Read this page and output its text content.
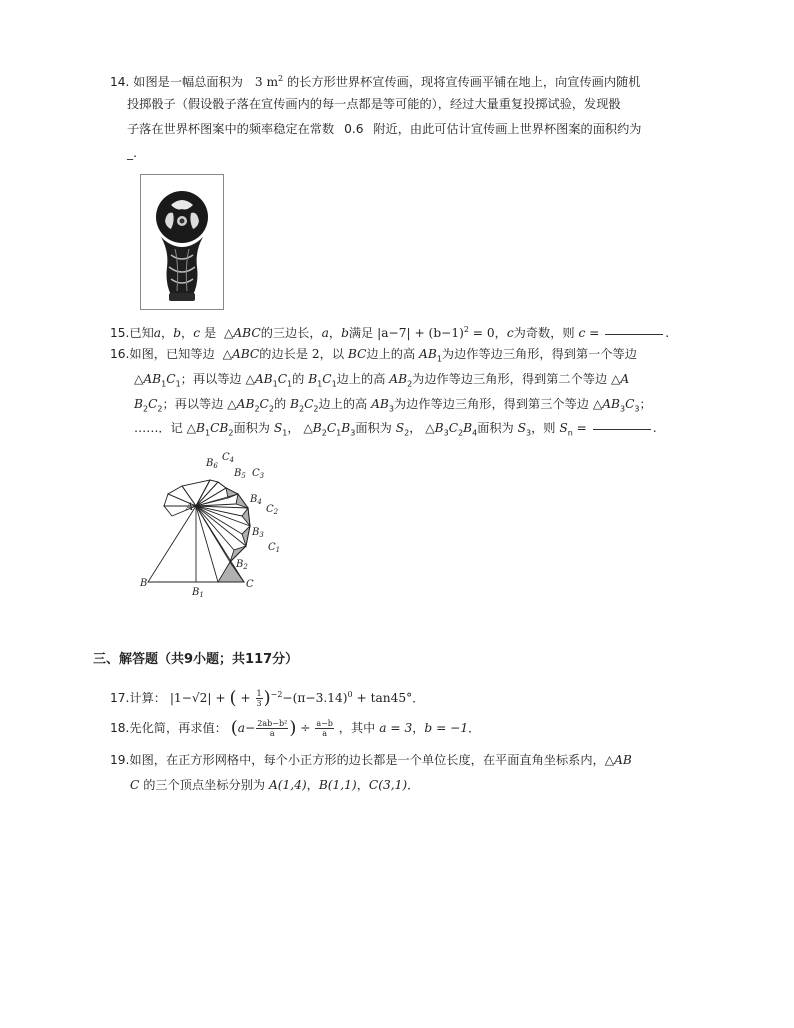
14. 如图是一幅总面积为 3 $m^2$ 的长方形世界杯宣传画，现将宣传画平铺在地上，向宣传画内随机
投掷骰子（假设骰子落在宣传画内的每一点都是等可能的），经过大量重复投掷试验，发现骰
子落在世界杯图案中的频率稳定在常数 0.6 附近，由此可估计宣传画上世界杯图案的面积约为
_.
15.已知a，b，c 是 △ABC的三边长，a，b满足 $|a-7| + (b-1)^2 = 0$，c为奇数，则 c =	.
16.如图，已知等边 △ABC的边长是 2，以 BC边上的高 $AB_1$为边作等边三角形，得到第一个等边
$\triangle AB_1C_1$；再以等边 $\triangle AB_1C_1$的 $B_1C_1$边上的高 $AB_2$为边作等边三角形，得到第二个等边 △A
$B_2C_2$；再以等边 $\triangle AB_2C_2$的 $B_2C_2$边上的高 $AB_3$为边作等边三角形，得到第三个等边 $\triangle AB_3C_3$；
……．记 $\triangle B_1CB_2$面积为 $S_1$， $\triangle B_2C_1B_3$面积为 $S_2$， $\triangle B_3C_2B_4$面积为 $S_3$，则 $S_n$ =	.
A
B
$B_1$
C
$B_2$
$C_1$
$B_3$
$C_2$
$B_4$
$C_3$
$B_5$
$C_4$
$B_6$
三、解答题（共9小题；共117分）
17.计算： |1−√2| + ( + $\frac{1}{3} )^{-2}-(\pi-3.14)^0 + \tan 45^\circ$．
18.先化简，再求值： ($a- \frac{\text{2ab−b²}}{a}$ ) ÷ $\frac{a-b}{a}$ ，其中 a = 3，b = −1．
19.如图，在正方形网格中，每个小正方形的边长都是一个单位长度，在平面直角坐标系内，△AB
C 的三个顶点坐标分别为 A(1,4)，B(1,1)，C(3,1)．
